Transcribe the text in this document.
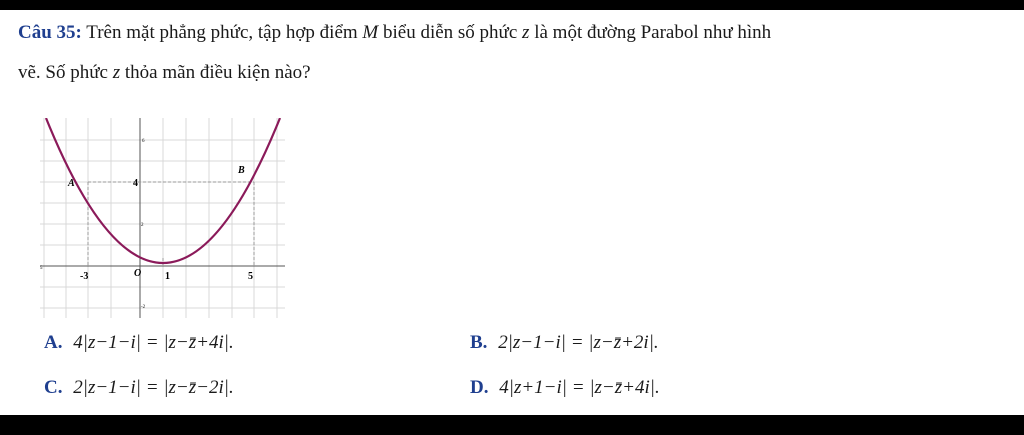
Câu 35: Trên mặt phẳng phức, tập hợp điểm M biểu diễn số phức z là một đường Parabol như hình
vẽ. Số phức z thỏa mãn điều kiện nào?
A
B
O
-3	1	5
5
4
2
-2
6
A. 4|z−1−i| = |z−z̄+4i|.	B. 2|z−1−i| = |z−z̄+2i|.
C. 2|z−1−i| = |z−z̄−2i|.	D. 4|z+1−i| = |z−z̄+4i|.
